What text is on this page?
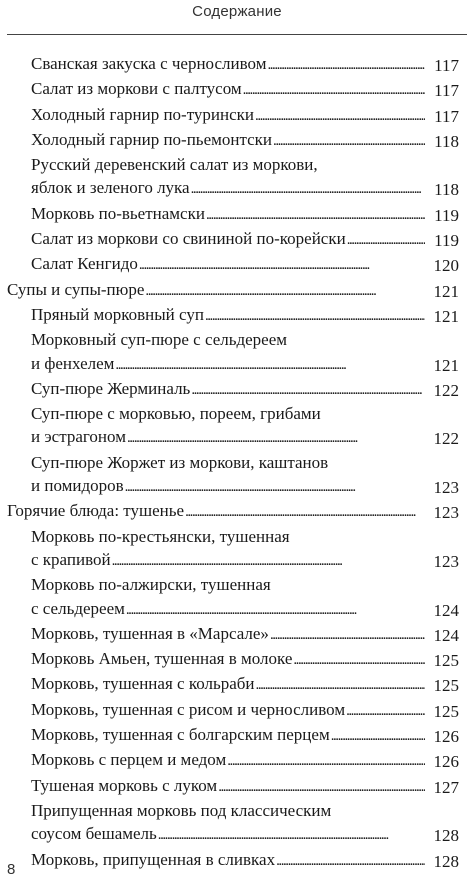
Содержание
Сванская закуска с черносливом . . .	117
Салат из моркови с палтусом . . .	117
Холодный гарнир по-турински . . .	117
Холодный гарнир по-пьемонтски . . .	118
Русский деревенский салат из моркови,
яблок и зеленого лука . . .	118
Морковь по-вьетнамски . . .	119
Салат из моркови со свининой по-корейски . . .	119
Салат Кенгидо . . .	120
Супы и супы-пюре . . .	121
Пряный морковный суп . . .	121
Морковный суп-пюре с сельдереем
и фенхелем . . .	121
Суп-пюре Жерминаль . . .	122
Суп-пюре с морковью, пореем, грибами
и эстрагоном . . .	122
Суп-пюре Жоржет из моркови, каштанов
и помидоров . . .	123
Горячие блюда: тушенье . . .	123
Морковь по-крестьянски, тушенная
с крапивой . . .	123
Морковь по-алжирски, тушенная
с сельдереем . . .	124
Морковь, тушенная в «Марсале» . . .	124
Морковь Амьен, тушенная в молоке . . .	125
Морковь, тушенная с кольраби . . .	125
Морковь, тушенная с рисом и черносливом . . .	125
Морковь, тушенная с болгарским перцем . . .	126
Морковь с перцем и медом . . .	126
Тушеная морковь с луком . . .	127
Припущенная морковь под классическим
соусом бешамель . . .	128
Морковь, припущенная в сливках . . .	128
8
